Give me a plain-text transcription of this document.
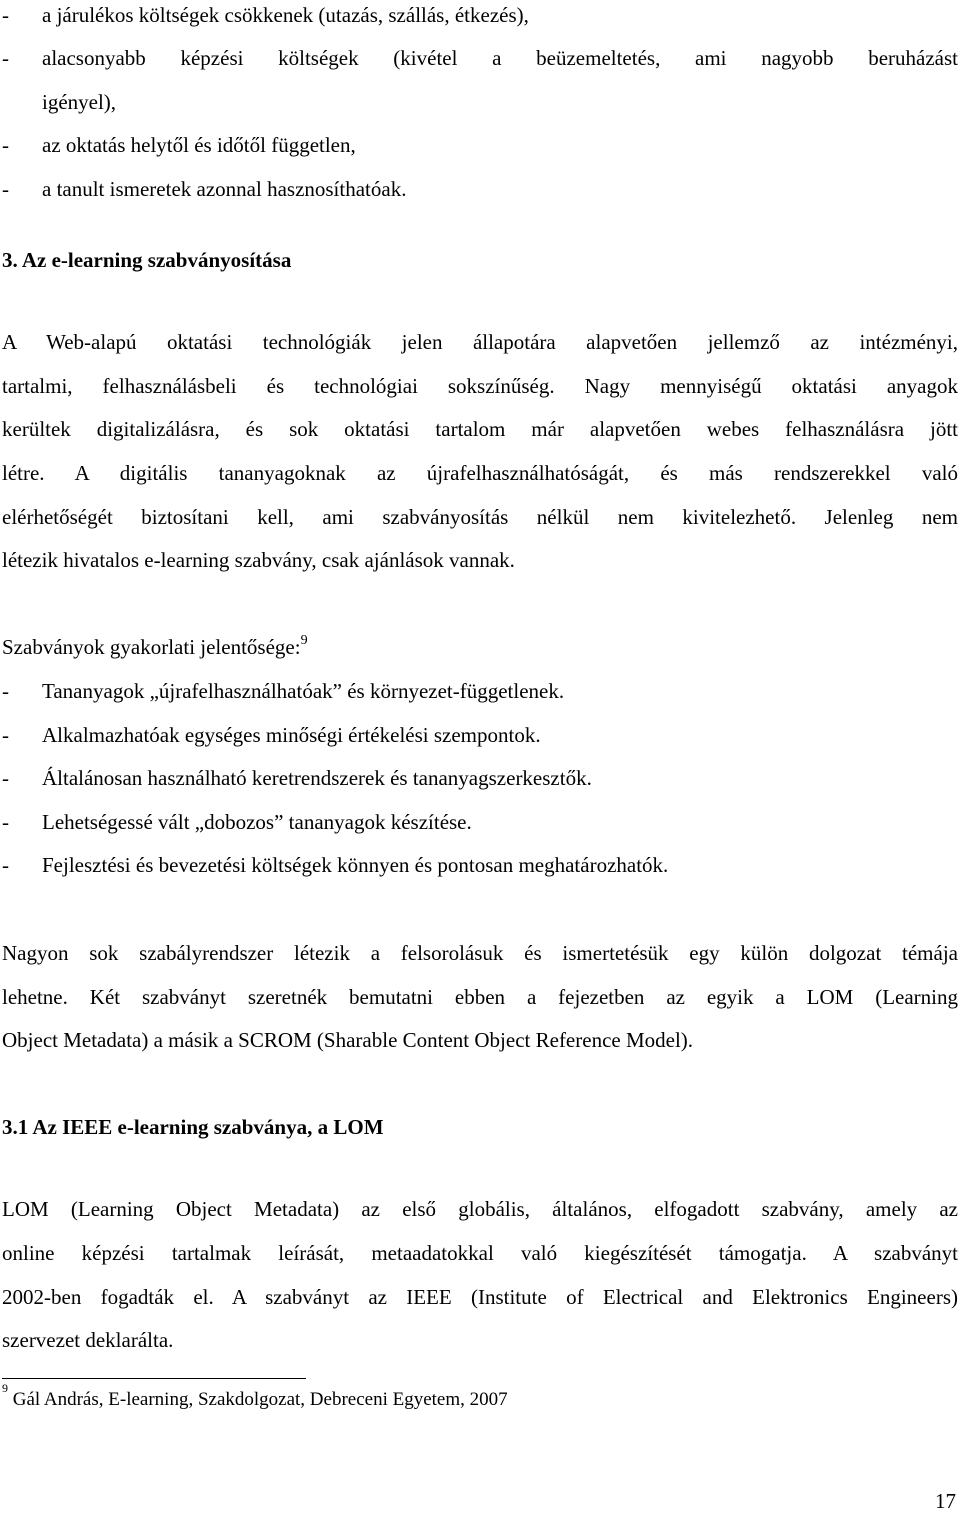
- a járulékos költségek csökkenek (utazás, szállás, étkezés),
- alacsonyabb képzési költségek (kivétel a beüzemeltetés, ami nagyobb beruházást
igényel),
- az oktatás helytől és időtől független,
- a tanult ismeretek azonnal hasznosíthatóak.
3. Az e-learning szabványosítása
A Web-alapú oktatási technológiák jelen állapotára alapvetően jellemző az intézményi,
tartalmi, felhasználásbeli és technológiai sokszínűség. Nagy mennyiségű oktatási anyagok
kerültek digitalizálásra, és sok oktatási tartalom már alapvetően webes felhasználásra jött
létre. A digitális tananyagoknak az újrafelhasználhatóságát, és más rendszerekkel való
elérhetőségét biztosítani kell, ami szabványosítás nélkül nem kivitelezhető. Jelenleg nem
létezik hivatalos e-learning szabvány, csak ajánlások vannak.
Szabványok gyakorlati jelentősége:$^9$
- Tananyagok „újrafelhasználhatóak” és környezet-függetlenek.
- Alkalmazhatóak egységes minőségi értékelési szempontok.
- Általánosan használható keretrendszerek és tananyagszerkesztők.
- Lehetségessé vált „dobozos” tananyagok készítése.
- Fejlesztési és bevezetési költségek könnyen és pontosan meghatározhatók.
Nagyon sok szabályrendszer létezik a felsorolásuk és ismertetésük egy külön dolgozat témája
lehetne. Két szabványt szeretnék bemutatni ebben a fejezetben az egyik a LOM (Learning
Object Metadata) a másik a SCROM (Sharable Content Object Reference Model).
3.1 Az IEEE e-learning szabványa, a LOM
LOM (Learning Object Metadata) az első globális, általános, elfogadott szabvány, amely az
online képzési tartalmak leírását, metaadatokkal való kiegészítését támogatja. A szabványt
2002-ben fogadták el. A szabványt az IEEE (Institute of Electrical and Elektronics Engineers)
szervezet deklarálta.
$^9$ Gál András, E-learning, Szakdolgozat, Debreceni Egyetem, 2007
17
